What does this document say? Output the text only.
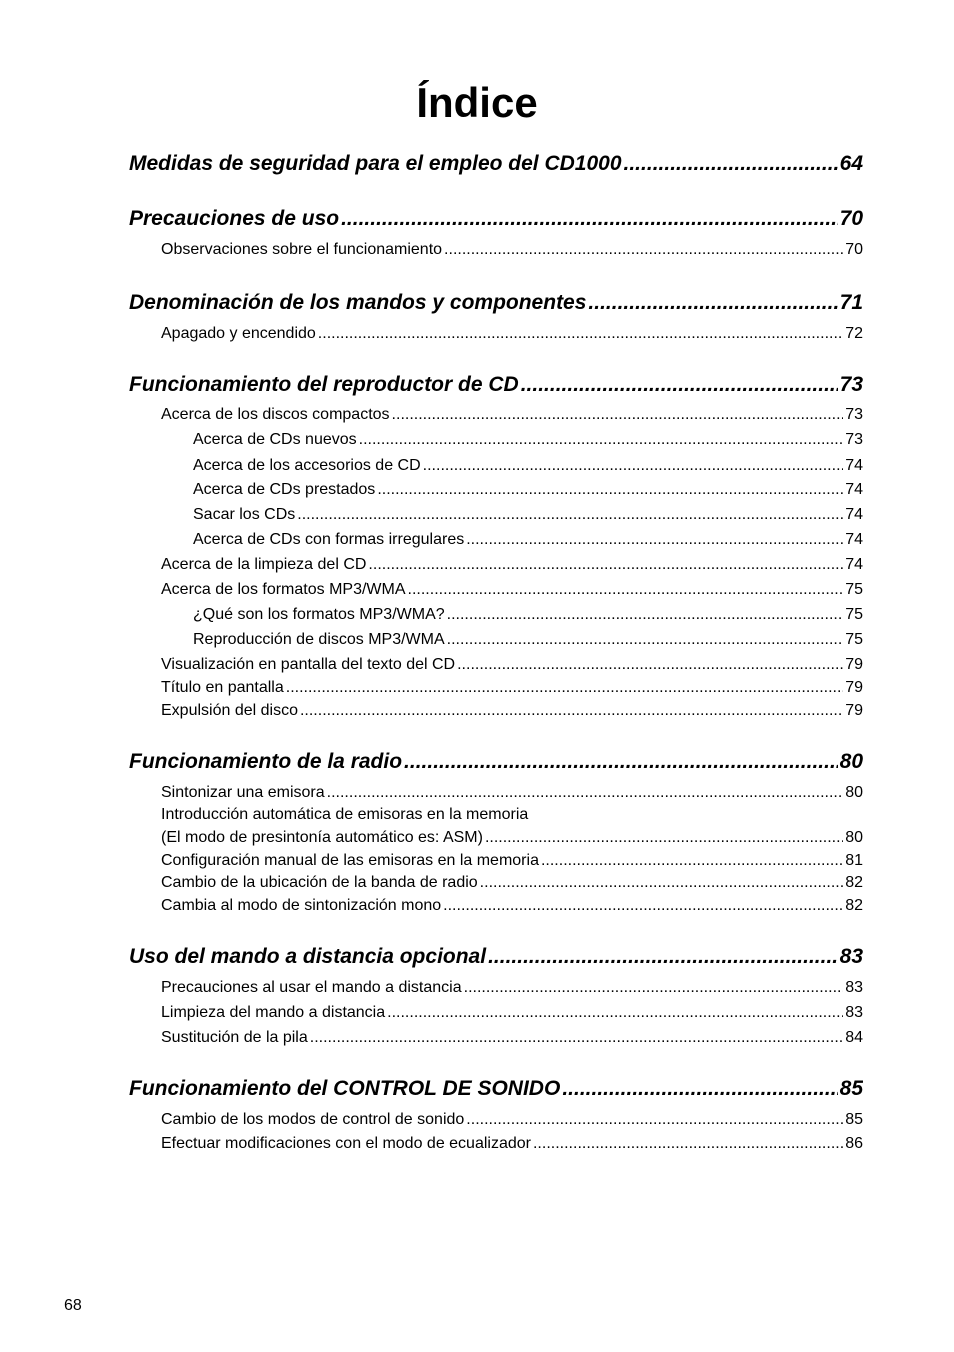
Índice
Medidas de seguridad para el empleo del CD1000 .....	64
Precauciones de uso .....	70
Observaciones sobre el funcionamiento .....	70
Denominación de los mandos y componentes .....	71
Apagado y encendido .....	72
Funcionamiento del reproductor de CD .....	73
Acerca de los discos compactos .....	73
Acerca de CDs nuevos .....	73
Acerca de los accesorios de CD .....	74
Acerca de CDs prestados .....	74
Sacar los CDs .....	74
Acerca de CDs con formas irregulares .....	74
Acerca de la limpieza del CD .....	74
Acerca de los formatos MP3/WMA .....	75
¿Qué son los formatos MP3/WMA? .....	75
Reproducción de discos MP3/WMA .....	75
Visualización en pantalla del texto del CD .....	79
Título en pantalla .....	79
Expulsión del disco .....	79
Funcionamiento de la radio .....	80
Sintonizar una emisora .....	80
Introducción automática de emisoras en la memoria
(El modo de presintonía automático es: ASM) .....	80
Configuración manual de las emisoras en la memoria .....	81
Cambio de la ubicación de la banda de radio .....	82
Cambia al modo de sintonización mono .....	82
Uso del mando a distancia opcional .....	83
Precauciones al usar el mando a distancia .....	83
Limpieza del mando a distancia .....	83
Sustitución de la pila .....	84
Funcionamiento del CONTROL DE SONIDO .....	85
Cambio de los modos de control de sonido .....	85
Efectuar modificaciones con el modo de ecualizador .....	86
68
